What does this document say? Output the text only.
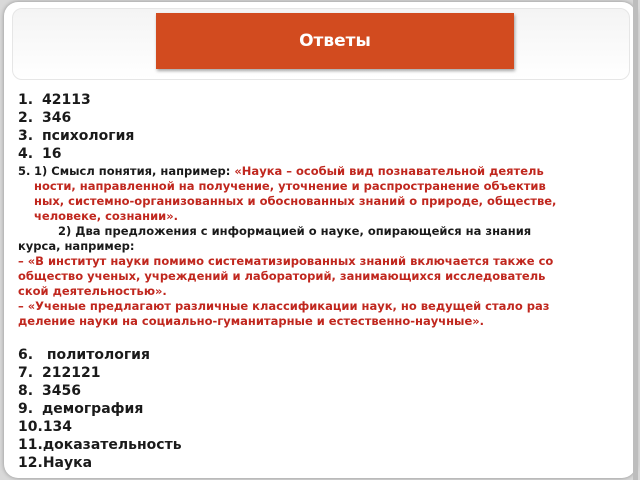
Ответы
1. 42113
2. 346
3. психология
4. 16
5. 1) Смысл понятия, например: «Наука – особый вид познавательной деятель
ности, направленной на получение, уточнение и распространение объектив
ных, системно-организованных и обоснованных знаний о природе, обществе,
человеке, сознании».
2) Два предложения с информацией о науке, опирающейся на знания
курса, например:
– «В институт науки помимо систематизированных знаний включается также со
общество ученых, учреждений и лабораторий, занимающихся исследователь
ской деятельностью».
– «Ученые предлагают различные классификации наук, но ведущей стало раз
деление науки на социально-гуманитарные и естественно-научные».
6. политология
7. 212121
8. 3456
9. демография
10.134
11.доказательность
12.Наука
